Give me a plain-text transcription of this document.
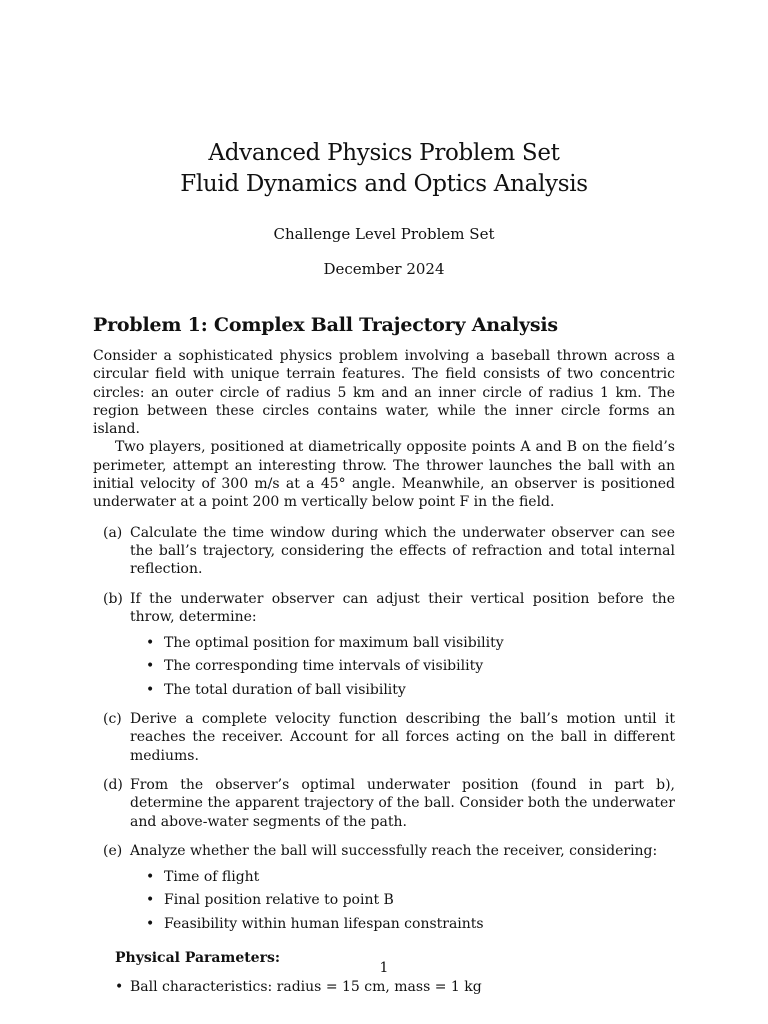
Advanced Physics Problem Set
Fluid Dynamics and Optics Analysis
Challenge Level Problem Set
December 2024
Problem 1: Complex Ball Trajectory Analysis

Consider a sophisticated physics problem involving a baseball thrown across a circular field with unique terrain features. The field consists of two concentric circles: an outer circle of radius 5 km and an inner circle of radius 1 km. The region between these circles contains water, while the inner circle forms an island.

Two players, positioned at diametrically opposite points A and B on the field’s perimeter, attempt an interesting throw. The thrower launches the ball with an initial velocity of 300 m/s at a 45° angle. Meanwhile, an observer is positioned underwater at a point 200 m vertically below point F in the field.

(a) Calculate the time window during which the underwater observer can see the ball’s trajectory, considering the effects of refraction and total internal reflection.
(b) If the underwater observer can adjust their vertical position before the throw, determine:
• The optimal position for maximum ball visibility
• The corresponding time intervals of visibility
• The total duration of ball visibility
(c) Derive a complete velocity function describing the ball’s motion until it reaches the receiver. Account for all forces acting on the ball in different mediums.
(d) From the observer’s optimal underwater position (found in part b), determine the apparent trajectory of the ball. Consider both the underwater and above-water segments of the path.
(e) Analyze whether the ball will successfully reach the receiver, considering:
• Time of flight
• Final position relative to point B
• Feasibility within human lifespan constraints
Physical Parameters:
• Ball characteristics: radius = 15 cm, mass = 1 kg
1
